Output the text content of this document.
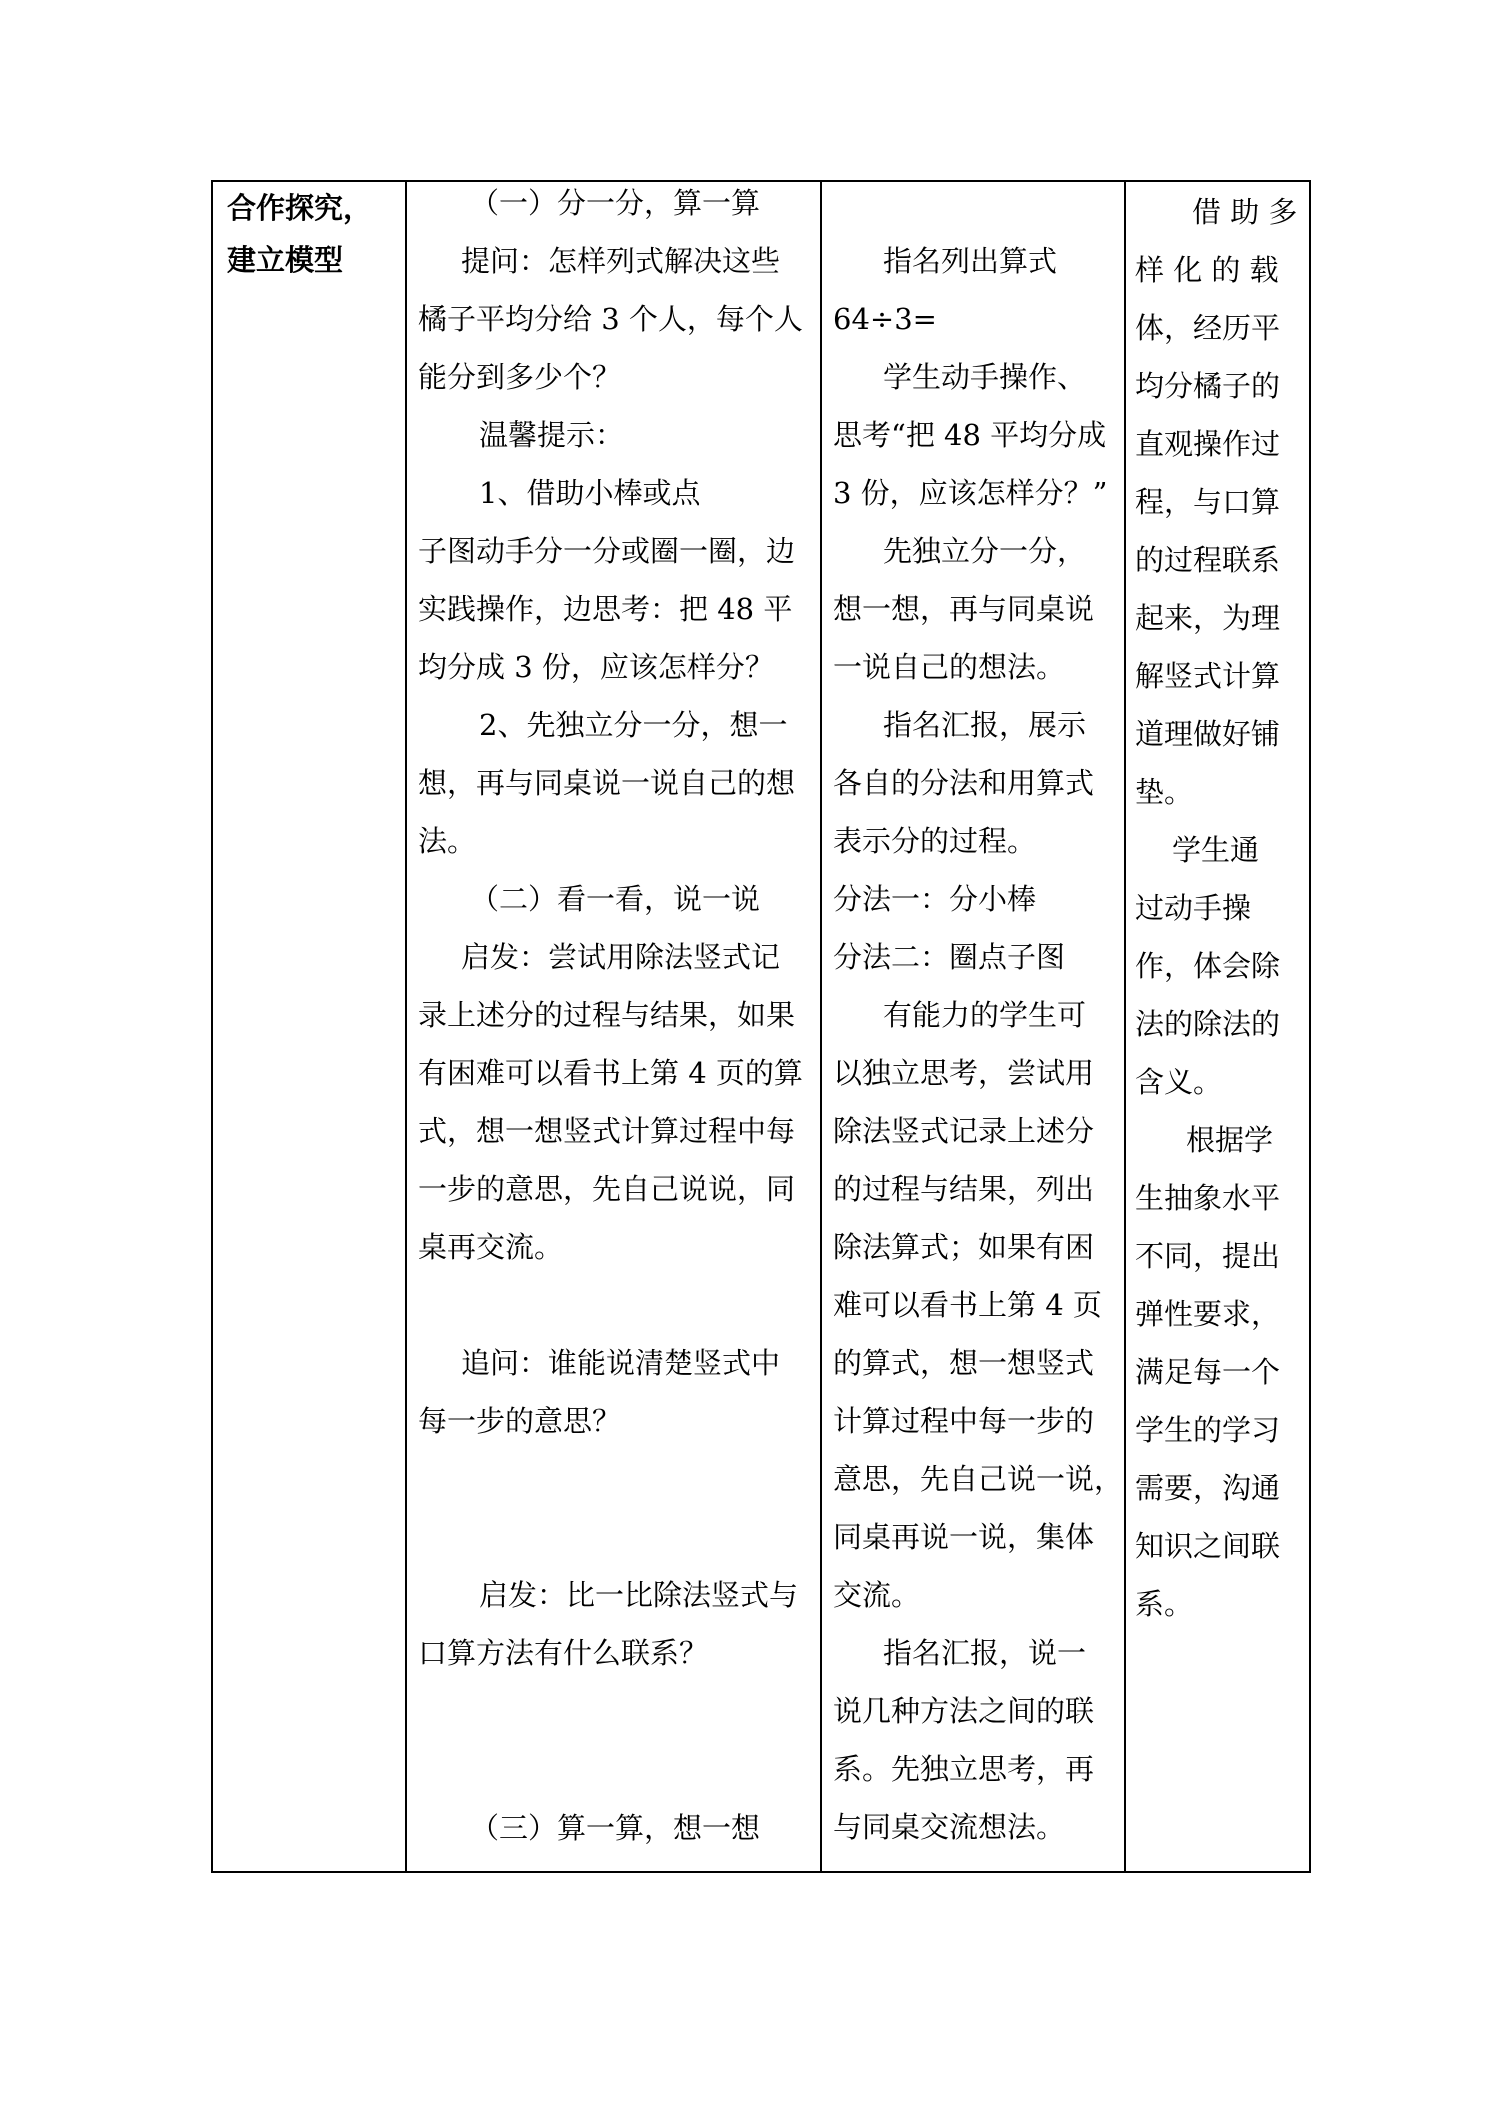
合作探究，
建立模型
（一）分一分，算一算
提问：怎样列式解决这些
橘子平均分给 3 个人，每个人
能分到多少个？
温馨提示：
1、借助小棒或点
子图动手分一分或圈一圈，边
实践操作，边思考：把 48 平
均分成 3 份，应该怎样分？
2、先独立分一分，想一
想，再与同桌说一说自己的想
法。
（二）看一看，说一说
启发：尝试用除法竖式记
录上述分的过程与结果，如果
有困难可以看书上第 4 页的算
式，想一想竖式计算过程中每
一步的意思，先自己说说，同
桌再交流。
追问：谁能说清楚竖式中
每一步的意思？
启发：比一比除法竖式与
口算方法有什么联系？
（三）算一算，想一想
指名列出算式
64÷3=
学生动手操作、
思考“把 48 平均分成
3 份，应该怎样分？”
先独立分一分，
想一想，再与同桌说
一说自己的想法。
指名汇报，展示
各自的分法和用算式
表示分的过程。
分法一：分小棒
分法二：圈点子图
有能力的学生可
以独立思考，尝试用
除法竖式记录上述分
的过程与结果，列出
除法算式；如果有困
难可以看书上第 4 页
的算式，想一想竖式
计算过程中每一步的
意思，先自己说一说，
同桌再说一说，集体
交流。
指名汇报，说一
说几种方法之间的联
系。先独立思考，再
与同桌交流想法。
借 助 多
样 化 的 载
体，经历平
均分橘子的
直观操作过
程，与口算
的过程联系
起来，为理
解竖式计算
道理做好铺
垫。
学生通
过动手操
作，体会除
法的除法的
含义。
根据学
生抽象水平
不同，提出
弹性要求，
满足每一个
学生的学习
需要，沟通
知识之间联
系。
